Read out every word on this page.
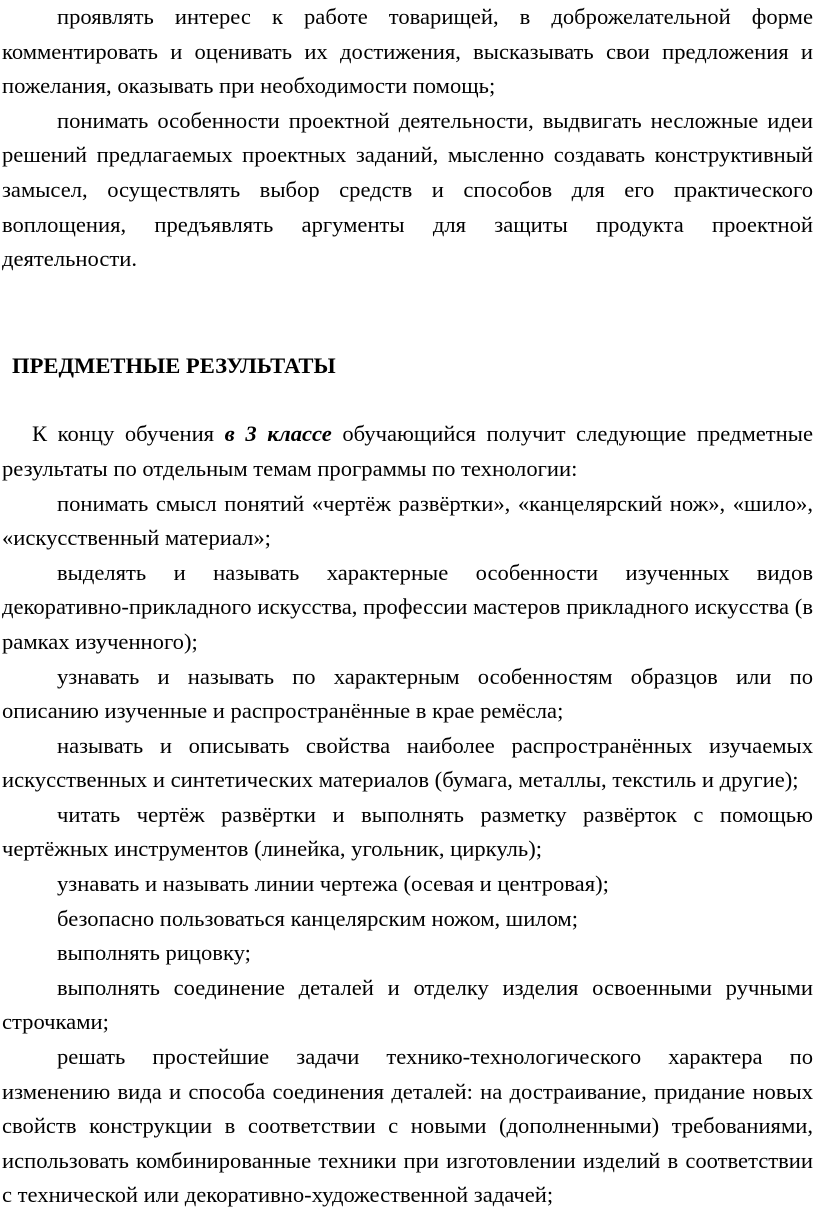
проявлять интерес к работе товарищей, в доброжелательной форме комментировать и оценивать их достижения, высказывать свои предложения и пожелания, оказывать при необходимости помощь;

понимать особенности проектной деятельности, выдвигать несложные идеи решений предлагаемых проектных заданий, мысленно создавать конструктивный замысел, осуществлять выбор средств и способов для его практического воплощения, предъявлять аргументы для защиты продукта проектной деятельности.

ПРЕДМЕТНЫЕ РЕЗУЛЬТАТЫ

К концу обучения в 3 классе обучающийся получит следующие предметные результаты по отдельным темам программы по технологии:

понимать смысл понятий «чертёж развёртки», «канцелярский нож», «шило», «искусственный материал»;

выделять и называть характерные особенности изученных видов декоративно-прикладного искусства, профессии мастеров прикладного искусства (в рамках изученного);

узнавать и называть по характерным особенностям образцов или по описанию изученные и распространённые в крае ремёсла;

называть и описывать свойства наиболее распространённых изучаемых искусственных и синтетических материалов (бумага, металлы, текстиль и другие);

читать чертёж развёртки и выполнять разметку развёрток с помощью чертёжных инструментов (линейка, угольник, циркуль);

узнавать и называть линии чертежа (осевая и центровая);

безопасно пользоваться канцелярским ножом, шилом;

выполнять рицовку;

выполнять соединение деталей и отделку изделия освоенными ручными строчками;

решать простейшие задачи технико-технологического характера по изменению вида и способа соединения деталей: на достраивание, придание новых свойств конструкции в соответствии с новыми (дополненными) требованиями, использовать комбинированные техники при изготовлении изделий в соответствии с технической или декоративно-художественной задачей;
